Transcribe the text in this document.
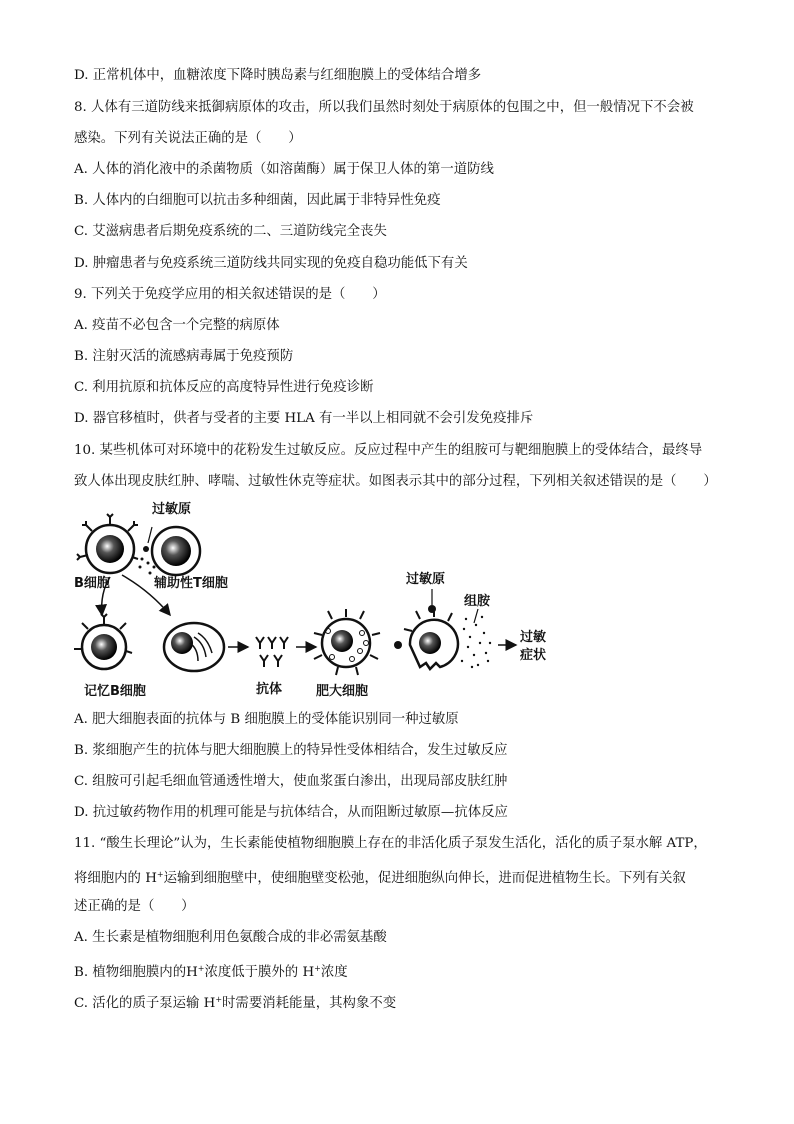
D. 正常机体中，血糖浓度下降时胰岛素与红细胞膜上的受体结合增多
8. 人体有三道防线来抵御病原体的攻击，所以我们虽然时刻处于病原体的包围之中，但一般情况下不会被
感染。下列有关说法正确的是（　　）
A. 人体的消化液中的杀菌物质（如溶菌酶）属于保卫人体的第一道防线
B. 人体内的白细胞可以抗击多种细菌，因此属于非特异性免疫
C. 艾滋病患者后期免疫系统的二、三道防线完全丧失
D. 肿瘤患者与免疫系统三道防线共同实现的免疫自稳功能低下有关
9. 下列关于免疫学应用的相关叙述错误的是（　　）
A. 疫苗不必包含一个完整的病原体
B. 注射灭活的流感病毒属于免疫预防
C. 利用抗原和抗体反应的高度特异性进行免疫诊断
D. 器官移植时，供者与受者的主要 HLA 有一半以上相同就不会引发免疫排斥
10. 某些机体可对环境中的花粉发生过敏反应。反应过程中产生的组胺可与靶细胞膜上的受体结合，最终导
致人体出现皮肤红肿、哮喘、过敏性休克等症状。如图表示其中的部分过程，下列相关叙述错误的是（　　）
过敏原
B细胞	辅助性T细胞
记忆B细胞	抗体	肥大细胞
过敏原
组胺
过敏
症状
A. 肥大细胞表面的抗体与 B 细胞膜上的受体能识别同一种过敏原
B. 浆细胞产生的抗体与肥大细胞膜上的特异性受体相结合，发生过敏反应
C. 组胺可引起毛细血管通透性增大，使血浆蛋白渗出，出现局部皮肤红肿
D. 抗过敏药物作用的机理可能是与抗体结合，从而阻断过敏原—抗体反应
11. “酸生长理论”认为，生长素能使植物细胞膜上存在的非活化质子泵发生活化，活化的质子泵水解 ATP，
将细胞内的 H+运输到细胞壁中，使细胞壁变松弛，促进细胞纵向伸长，进而促进植物生长。下列有关叙
述正确的是（　　）
A. 生长素是植物细胞利用色氨酸合成的非必需氨基酸
B. 植物细胞膜内的H+浓度低于膜外的 H+浓度
C. 活化的质子泵运输 H+时需要消耗能量，其构象不变
